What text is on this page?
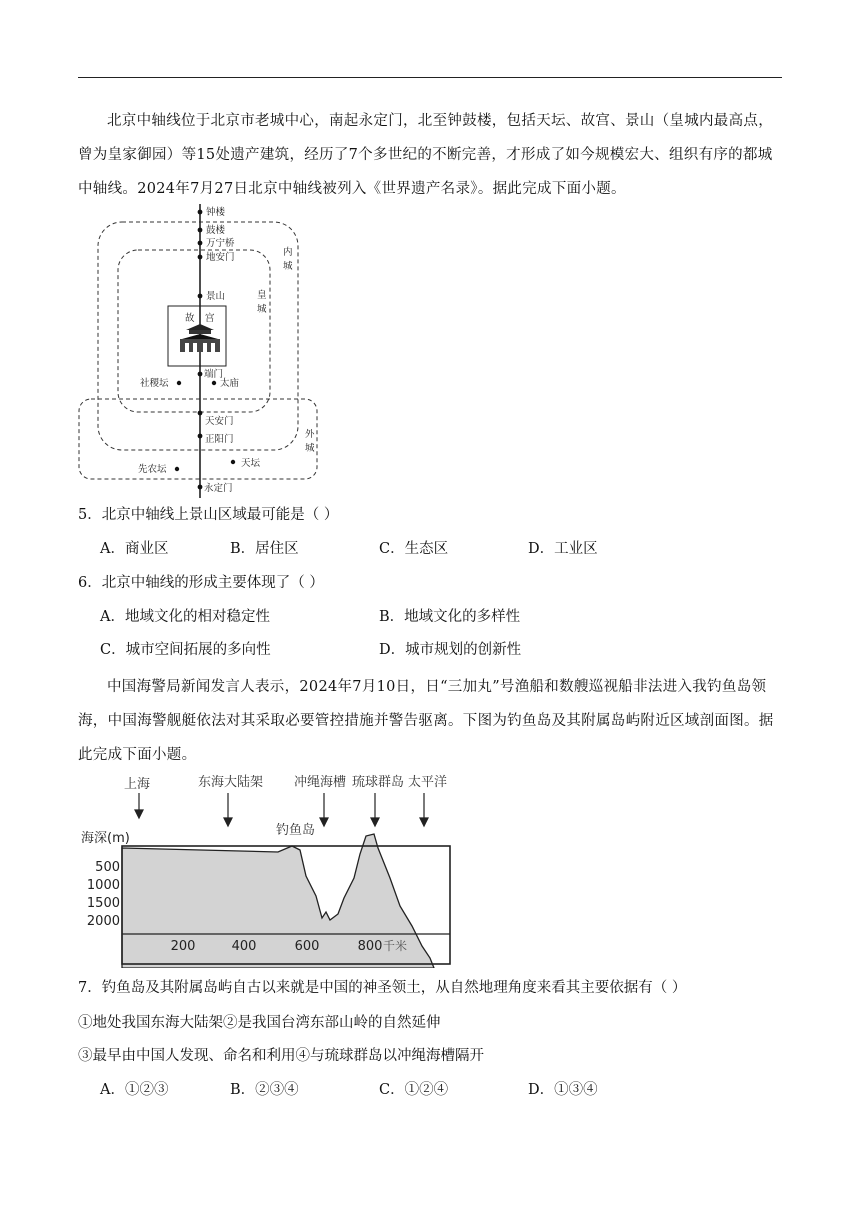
北京中轴线位于北京市老城中心，南起永定门，北至钟鼓楼，包括天坛、故宫、景山（皇城内最高点，曾为皇家御园）等15处遗产建筑，经历了7个多世纪的不断完善，才形成了如今规模宏大、组织有序的都城中轴线。2024年7月27日北京中轴线被列入《世界遗产名录》。据此完成下面小题。
钟楼
鼓楼
万宁桥
地安门
景山
故 宫
端门
社稷坛	太庙
天安门
正阳门
先农坛
天坛
永定门
内
城
皇
城
外
城
5．北京中轴线上景山区域最可能是（ ）
A．商业区	B．居住区	C．生态区	D．工业区
6．北京中轴线的形成主要体现了（ ）
A．地域文化的相对稳定性	B．地域文化的多样性
C．城市空间拓展的多向性	D．城市规划的创新性
中国海警局新闻发言人表示，2024年7月10日，日“三加丸”号渔船和数艘巡视船非法进入我钓鱼岛领海，中国海警舰艇依法对其采取必要管控措施并警告驱离。下图为钓鱼岛及其附属岛屿附近区域剖面图。据此完成下面小题。
上海	东海大陆架 冲绳海槽 琉球群岛 太平洋
钓鱼岛
海深(m)
500
1000
1500
2000
200	400	600	800 千米
7．钓鱼岛及其附属岛屿自古以来就是中国的神圣领土，从自然地理角度来看其主要依据有（ ）
①地处我国东海大陆架②是我国台湾东部山岭的自然延伸
③最早由中国人发现、命名和利用④与琉球群岛以冲绳海槽隔开
A．①②③	B．②③④	C．①②④	D．①③④
